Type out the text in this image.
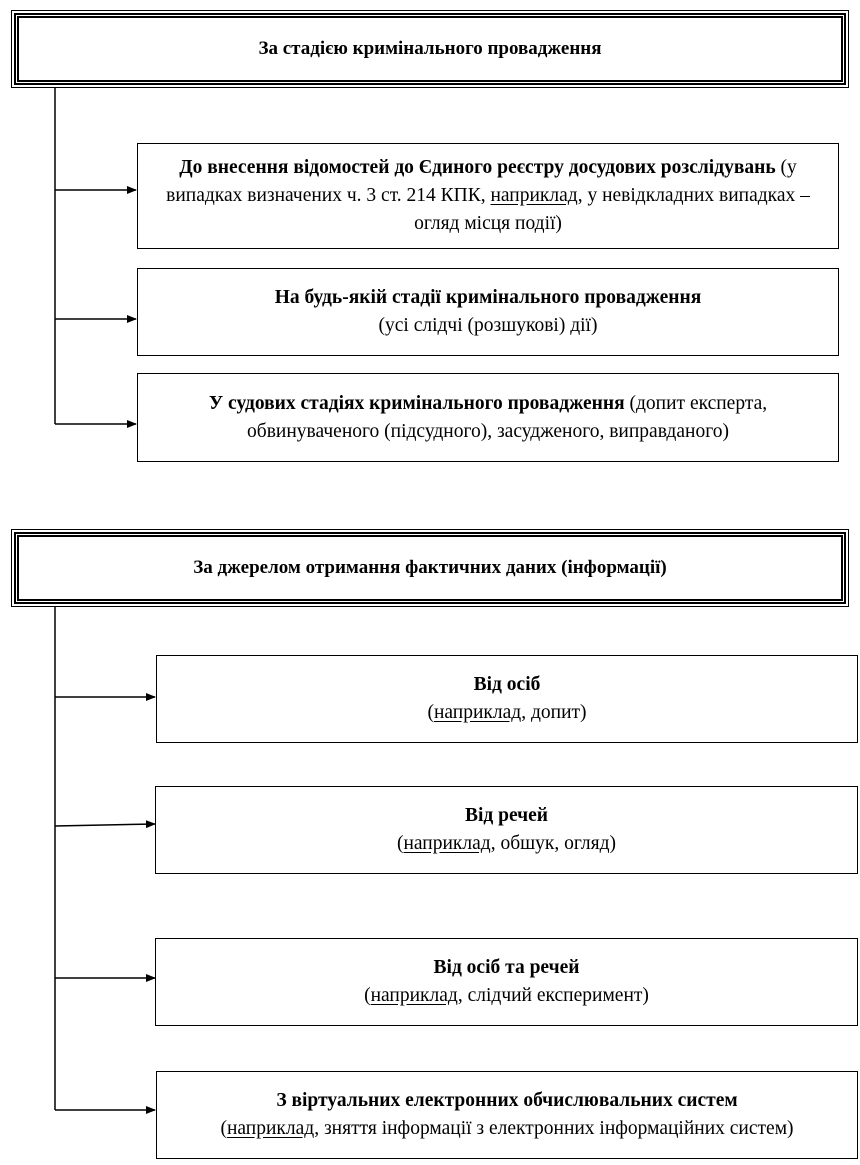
За стадією кримінального провадження
До внесення відомостей до Єдиного реєстру досудових розслідувань (у випадках визначених ч. 3 ст. 214 КПК, наприклад, у невідкладних випадках – огляд місця події)
На будь-якій стадії кримінального провадження
(усі слідчі (розшукові) дії)
У судових стадіях кримінального провадження (допит експерта, обвинуваченого (підсудного), засудженого, виправданого)
За джерелом отримання фактичних даних (інформації)
Від осіб
(наприклад, допит)
Від речей
(наприклад, обшук, огляд)
Від осіб та речей
(наприклад, слідчий експеримент)
З віртуальних електронних обчислювальних систем
(наприклад, зняття інформації з електронних інформаційних систем)
